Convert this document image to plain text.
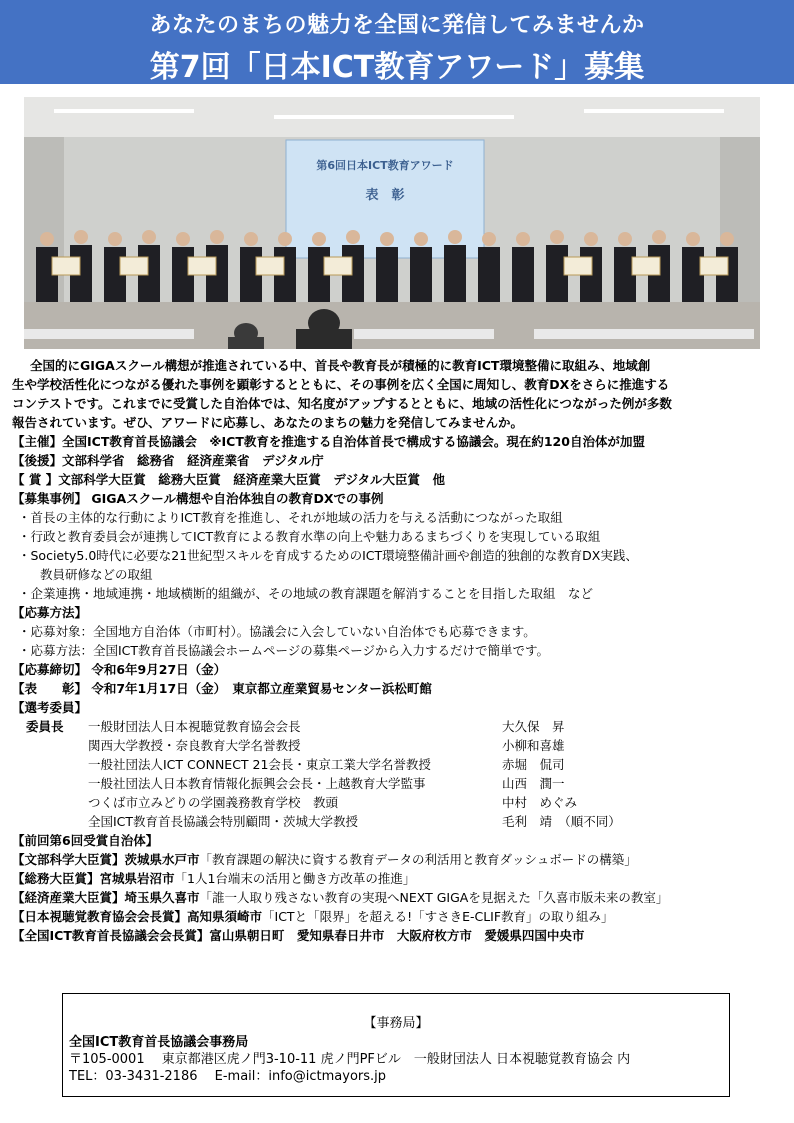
あなたのまちの魅力を全国に発信してみませんか
第7回「日本ICT教育アワード」募集
第6回日本ICT教育アワード
表　彰

全国的にGIGAスクール構想が推進されている中、首長や教育長が積極的に教育ICT環境整備に取組み、地域創
生や学校活性化につながる優れた事例を顕彰するとともに、その事例を広く全国に周知し、教育DXをさらに推進する
コンテストです。これまでに受賞した自治体では、知名度がアップするとともに、地域の活性化につながった例が多数
報告されています。ぜひ、アワードに応募し、あなたのまちの魅力を発信してみませんか。

【主催】全国ICT教育首長協議会　※ICT教育を推進する自治体首長で構成する協議会。現在約120自治体が加盟
【後援】文部科学省　総務省　経済産業省　デジタル庁
【 賞 】文部科学大臣賞　総務大臣賞　経済産業大臣賞　デジタル大臣賞　他
【募集事例】 GIGAスクール構想や自治体独自の教育DXでの事例
・首長の主体的な行動によりICT教育を推進し、それが地域の活力を与える活動につながった取組
・行政と教育委員会が連携してICT教育による教育水準の向上や魅力あるまちづくりを実現している取組
・Society5.0時代に必要な21世紀型スキルを育成するためのICT環境整備計画や創造的独創的な教育DX実践、
教員研修などの取組
・企業連携・地域連携・地域横断的組織が、その地域の教育課題を解消することを目指した取組　など
【応募方法】
・応募対象：全国地方自治体（市町村）。協議会に入会していない自治体でも応募できます。
・応募方法：全国ICT教育首長協議会ホームページの募集ページから入力するだけで簡単です。
【応募締切】 令和6年9月27日（金）
【表　　彰】 令和7年1月17日（金）　東京都立産業貿易センター浜松町館
【選考委員】
委員長	一般財団法人日本視聴覚教育協会会長	大久保　昇
関西大学教授・奈良教育大学名誉教授	小柳和喜雄
一般社団法人ICT CONNECT 21会長・東京工業大学名誉教授	赤堀　侃司
一般社団法人日本教育情報化振興会会長・上越教育大学監事	山西　潤一
つくば市立みどりの学園義務教育学校　教頭	中村　めぐみ
全国ICT教育首長協議会特別顧問・茨城大学教授	毛利　靖　（順不同）
【前回第6回受賞自治体】
【文部科学大臣賞】茨城県水戸市「教育課題の解決に資する教育データの利活用と教育ダッシュボードの構築」
【総務大臣賞】宮城県岩沼市「1人1台端末の活用と働き方改革の推進」
【経済産業大臣賞】埼玉県久喜市「誰一人取り残さない教育の実現へNEXT GIGAを見据えた「久喜市版未来の教室」
【日本視聴覚教育協会会長賞】高知県須崎市「ICTと「限界」を超える!「すさきE-CLIF教育」の取り組み」
【全国ICT教育首長協議会会長賞】富山県朝日町　愛知県春日井市　大阪府枚方市　愛媛県四国中央市
【事務局】
全国ICT教育首長協議会事務局
〒105-0001　 東京都港区虎ノ門3-10-11 虎ノ門PFビル　一般財団法人 日本視聴覚教育協会 内
TEL：03-3431-2186　 E-mail：info@ictmayors.jp
